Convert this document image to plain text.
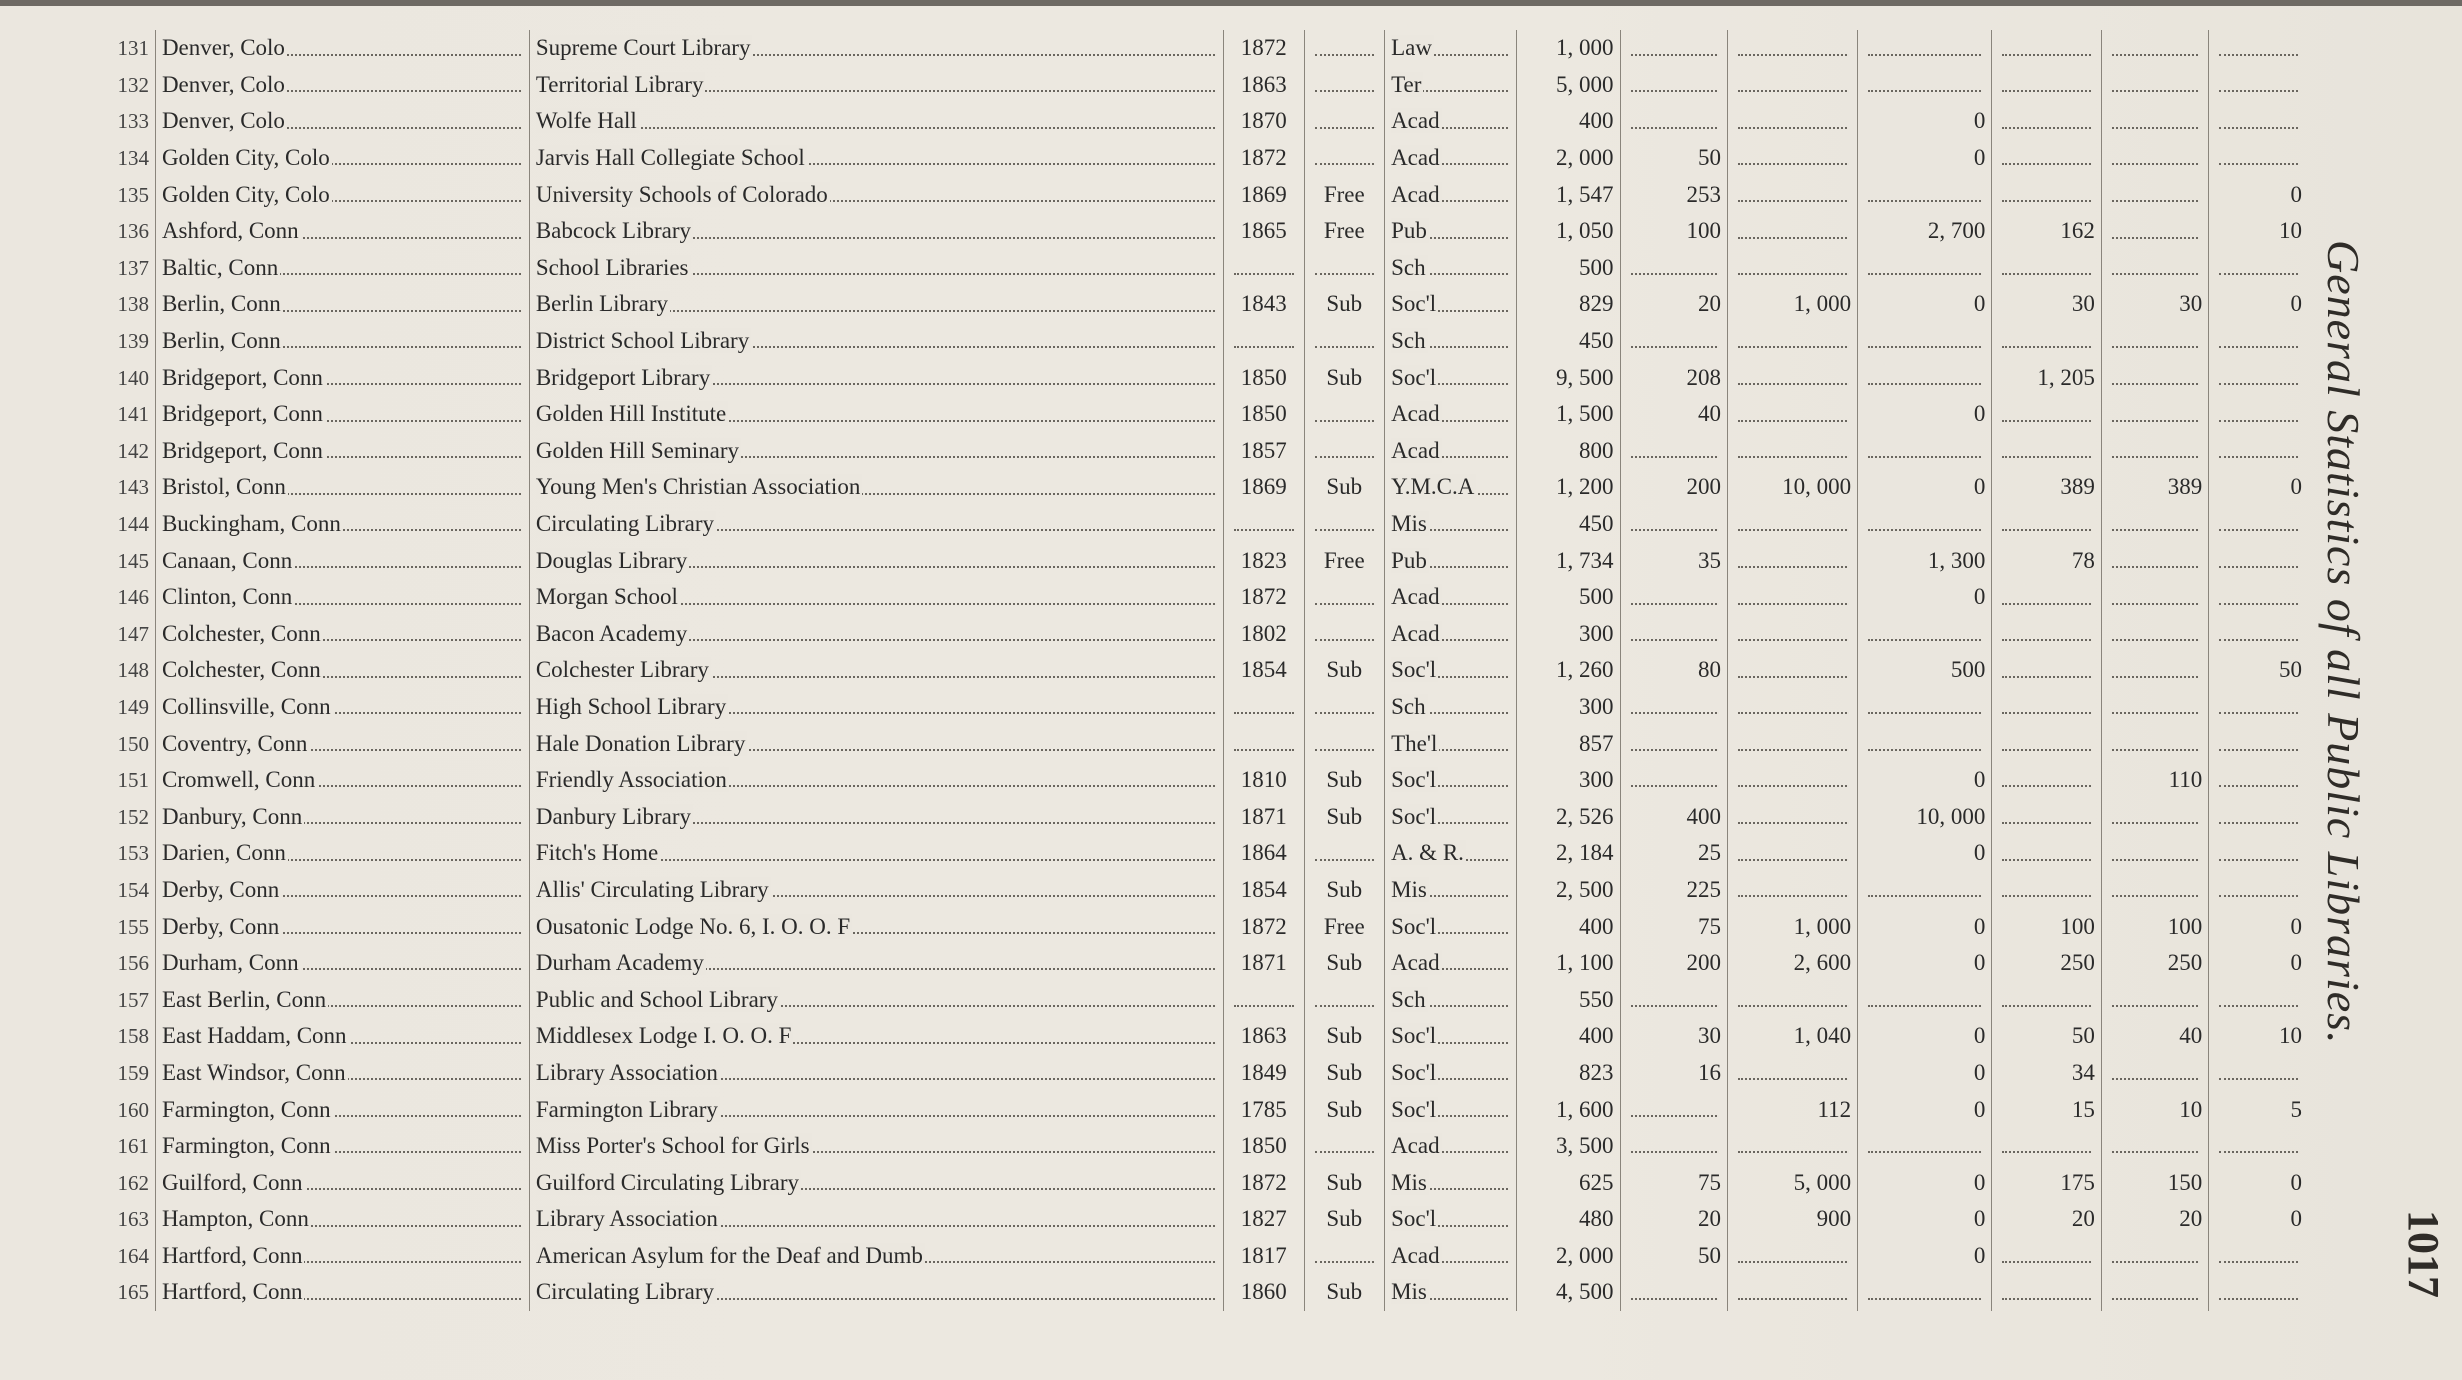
131	Denver, Colo	Supreme Court Library	1872		Law	1, 000						
132	Denver, Colo	Territorial Library	1863		Ter	5, 000						
133	Denver, Colo	Wolfe Hall	1870		Acad	400			0			
134	Golden City, Colo	Jarvis Hall Collegiate School	1872		Acad	2, 000	50		0			
135	Golden City, Colo	University Schools of Colorado	1869	Free	Acad	1, 547	253					0
136	Ashford, Conn	Babcock Library	1865	Free	Pub	1, 050	100		2, 700	162		10
137	Baltic, Conn	School Libraries			Sch	500						
138	Berlin, Conn	Berlin Library	1843	Sub	Soc'l	829	20	1, 000	0	30	30	0
139	Berlin, Conn	District School Library			Sch	450						
140	Bridgeport, Conn	Bridgeport Library	1850	Sub	Soc'l	9, 500	208			1, 205		
141	Bridgeport, Conn	Golden Hill Institute	1850		Acad	1, 500	40		0			
142	Bridgeport, Conn	Golden Hill Seminary	1857		Acad	800						
143	Bristol, Conn	Young Men's Christian Association	1869	Sub	Y.M.C.A	1, 200	200	10, 000	0	389	389	0
144	Buckingham, Conn	Circulating Library			Mis	450						
145	Canaan, Conn	Douglas Library	1823	Free	Pub	1, 734	35		1, 300	78		
146	Clinton, Conn	Morgan School	1872		Acad	500			0			
147	Colchester, Conn	Bacon Academy	1802		Acad	300						
148	Colchester, Conn	Colchester Library	1854	Sub	Soc'l	1, 260	80		500			50
149	Collinsville, Conn	High School Library			Sch	300						
150	Coventry, Conn	Hale Donation Library			The'l	857						
151	Cromwell, Conn	Friendly Association	1810	Sub	Soc'l	300			0		110	
152	Danbury, Conn	Danbury Library	1871	Sub	Soc'l	2, 526	400		10, 000			
153	Darien, Conn	Fitch's Home	1864		A. & R.	2, 184	25		0			
154	Derby, Conn	Allis' Circulating Library	1854	Sub	Mis	2, 500	225					
155	Derby, Conn	Ousatonic Lodge No. 6, I. O. O. F	1872	Free	Soc'l	400	75	1, 000	0	100	100	0
156	Durham, Conn	Durham Academy	1871	Sub	Acad	1, 100	200	2, 600	0	250	250	0
157	East Berlin, Conn	Public and School Library			Sch	550						
158	East Haddam, Conn	Middlesex Lodge I. O. O. F	1863	Sub	Soc'l	400	30	1, 040	0	50	40	10
159	East Windsor, Conn	Library Association	1849	Sub	Soc'l	823	16		0	34		
160	Farmington, Conn	Farmington Library	1785	Sub	Soc'l	1, 600		112	0	15	10	5
161	Farmington, Conn	Miss Porter's School for Girls	1850		Acad	3, 500						
162	Guilford, Conn	Guilford Circulating Library	1872	Sub	Mis	625	75	5, 000	0	175	150	0
163	Hampton, Conn	Library Association	1827	Sub	Soc'l	480	20	900	0	20	20	0
164	Hartford, Conn	American Asylum for the Deaf and Dumb	1817		Acad	2, 000	50		0			
165	Hartford, Conn	Circulating Library	1860	Sub	Mis	4, 500						
General Statistics of all Public Libraries.
1017
